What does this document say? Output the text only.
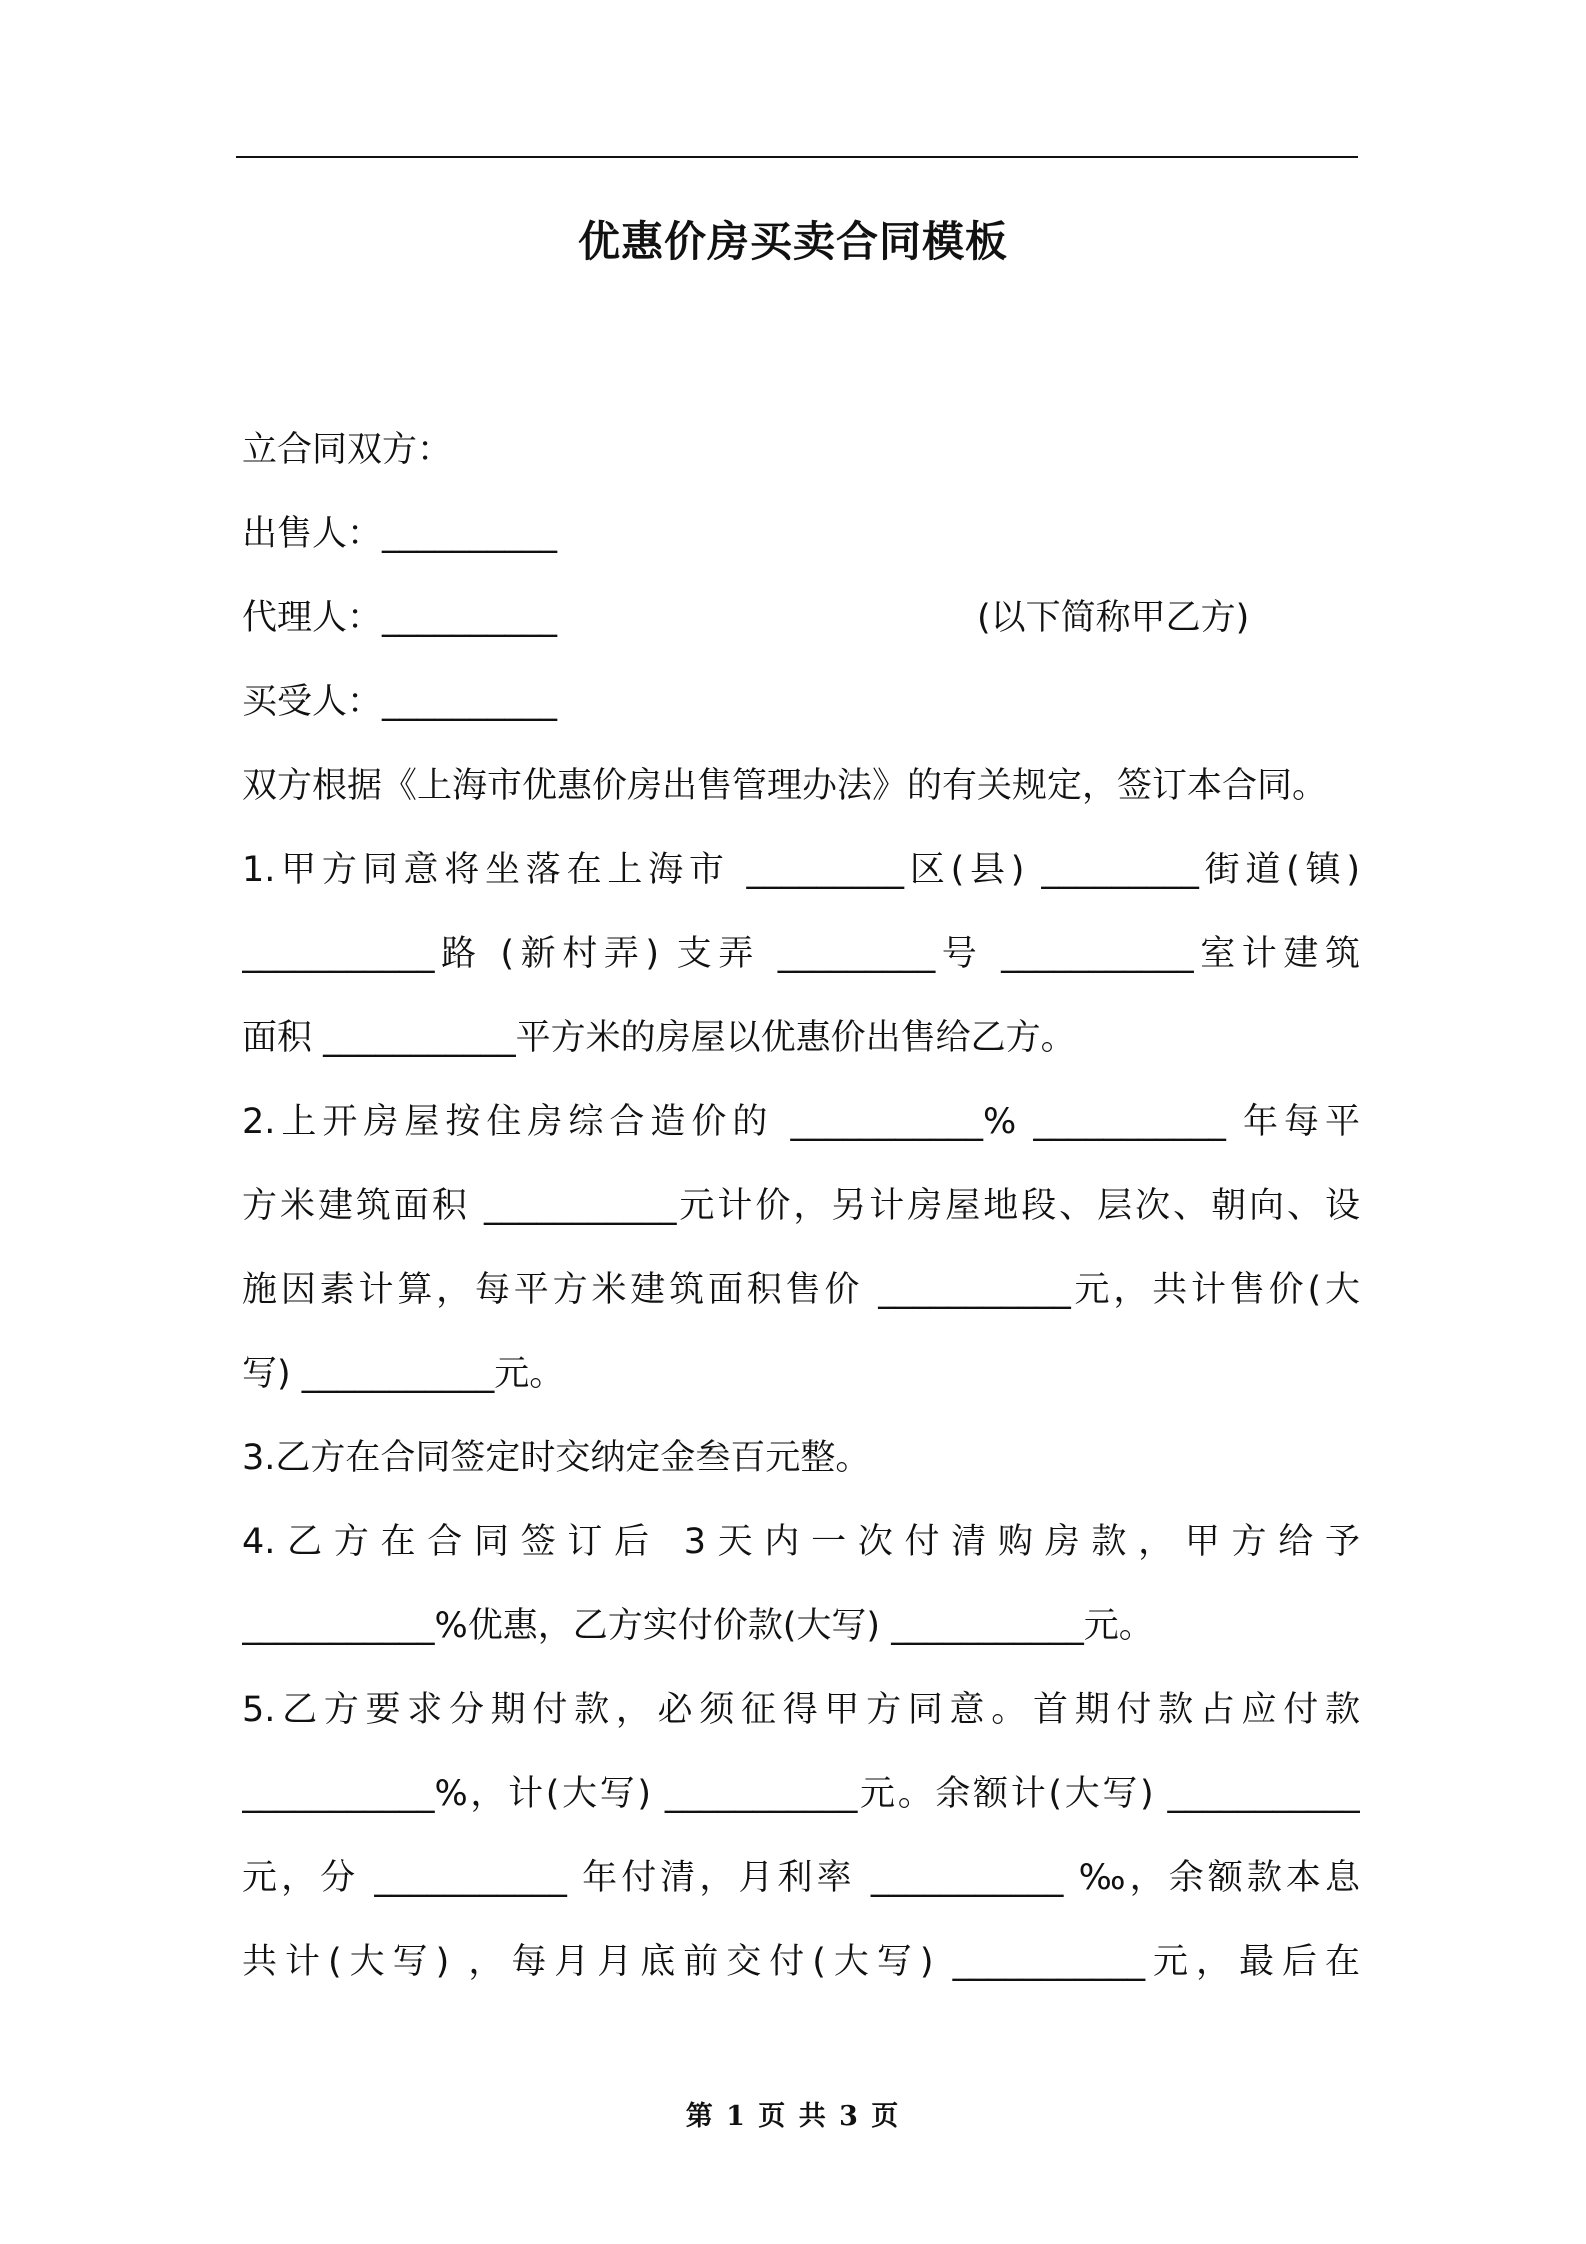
优惠价房买卖合同模板
立合同双方：
出售人：__________
代理人：__________	(以下简称甲乙方)
买受人：__________
双方根据《上海市优惠价房出售管理办法》的有关规定，签订本合同。
1.甲方同意将坐落在上海市 _________区(县) _________街道(镇)
___________路 (新村弄) 支弄 _________号 ___________室计建筑
面积 ___________平方米的房屋以优惠价出售给乙方。
2.上开房屋按住房综合造价的 ___________% ___________ 年每平
方米建筑面积 ___________元计价，另计房屋地段、层次、朝向、设
施因素计算，每平方米建筑面积售价 ___________元，共计售价(大
写) ___________元。
3.乙方在合同签定时交纳定金叁百元整。
4.乙方在合同签订后 3天内一次付清购房款，甲方给予
___________%优惠，乙方实付价款(大写) ___________元。
5.乙方要求分期付款，必须征得甲方同意。首期付款占应付款
___________%，计(大写) ___________元。余额计(大写) ___________
元，分 ___________ 年付清，月利率 ___________ ‰，余额款本息
共计(大写) ，每月月底前交付(大写) ___________元，最后在
第 1 页 共 3 页
